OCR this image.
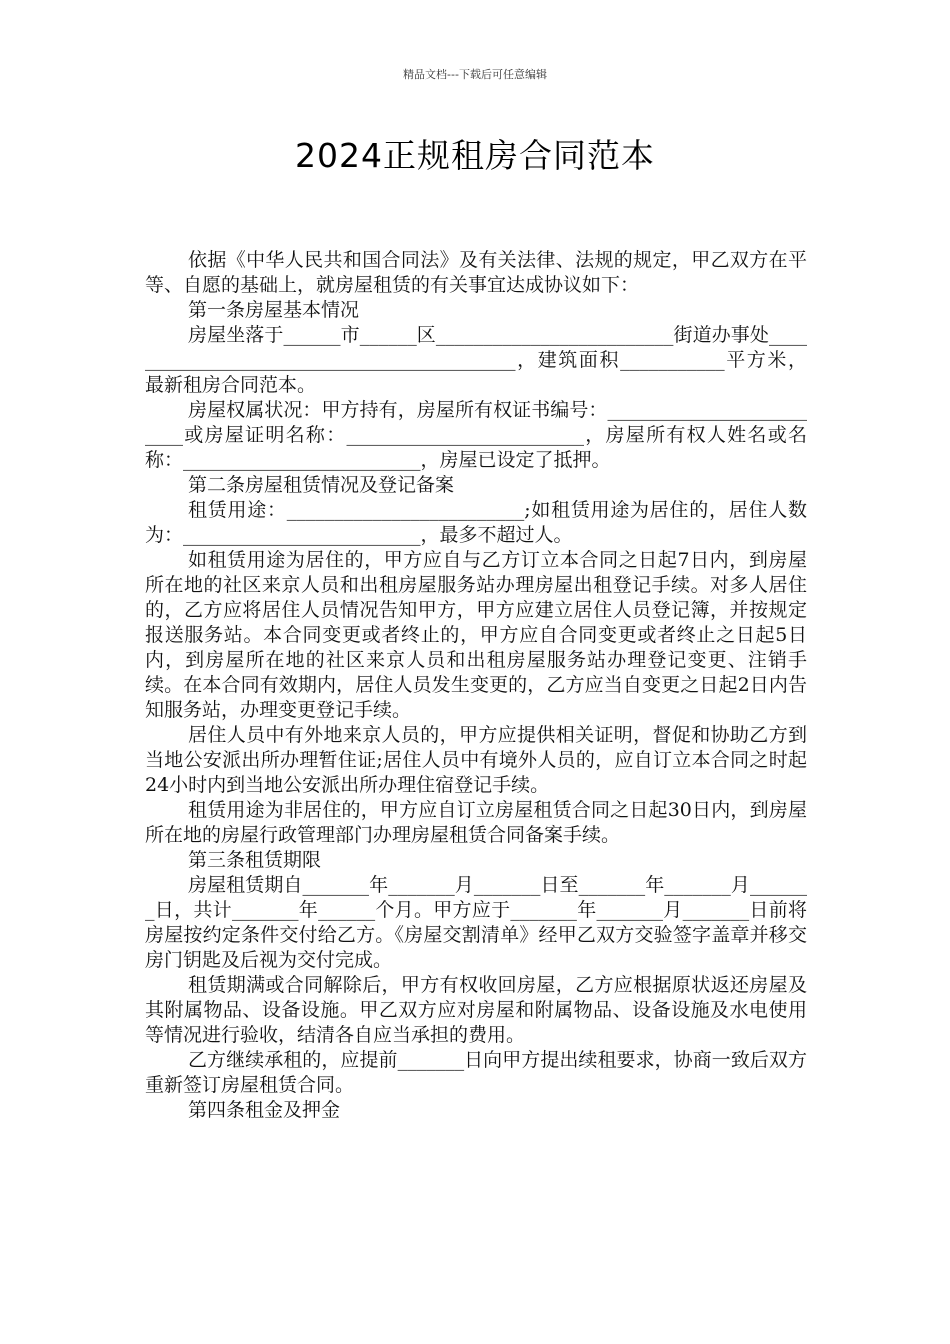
精品文档---下载后可任意编辑
2024正规租房合同范本

依据《中华人民共和国合同法》及有关法律、法规的规定，甲乙双方在平等、自愿的基础上，就房屋租赁的有关事宜达成协议如下：

第一条房屋基本情况

房屋坐落于______市______区_________________________街道办事处___________________________________________，建筑面积___________平方米，最新租房合同范本。

房屋权属状况：甲方持有，房屋所有权证书编号：_________________________或房屋证明名称：_________________________，房屋所有权人姓名或名称：_________________________，房屋已设定了抵押。

第二条房屋租赁情况及登记备案

租赁用途：_________________________;如租赁用途为居住的，居住人数为：_________________________，最多不超过人。

如租赁用途为居住的，甲方应自与乙方订立本合同之日起7日内，到房屋所在地的社区来京人员和出租房屋服务站办理房屋出租登记手续。对多人居住的，乙方应将居住人员情况告知甲方，甲方应建立居住人员登记簿，并按规定报送服务站。本合同变更或者终止的，甲方应自合同变更或者终止之日起5日内，到房屋所在地的社区来京人员和出租房屋服务站办理登记变更、注销手续。在本合同有效期内，居住人员发生变更的，乙方应当自变更之日起2日内告知服务站，办理变更登记手续。

居住人员中有外地来京人员的，甲方应提供相关证明，督促和协助乙方到当地公安派出所办理暂住证;居住人员中有境外人员的，应自订立本合同之时起24小时内到当地公安派出所办理住宿登记手续。

租赁用途为非居住的，甲方应自订立房屋租赁合同之日起30日内，到房屋所在地的房屋行政管理部门办理房屋租赁合同备案手续。

第三条租赁期限

房屋租赁期自_______年_______月_______日至_______年_______月_______日，共计_______年______个月。甲方应于_______年_______月_______日前将房屋按约定条件交付给乙方。《房屋交割清单》经甲乙双方交验签字盖章并移交房门钥匙及后视为交付完成。

租赁期满或合同解除后，甲方有权收回房屋，乙方应根据原状返还房屋及其附属物品、设备设施。甲乙双方应对房屋和附属物品、设备设施及水电使用等情况进行验收，结清各自应当承担的费用。

乙方继续承租的，应提前_______日向甲方提出续租要求，协商一致后双方重新签订房屋租赁合同。

第四条租金及押金
